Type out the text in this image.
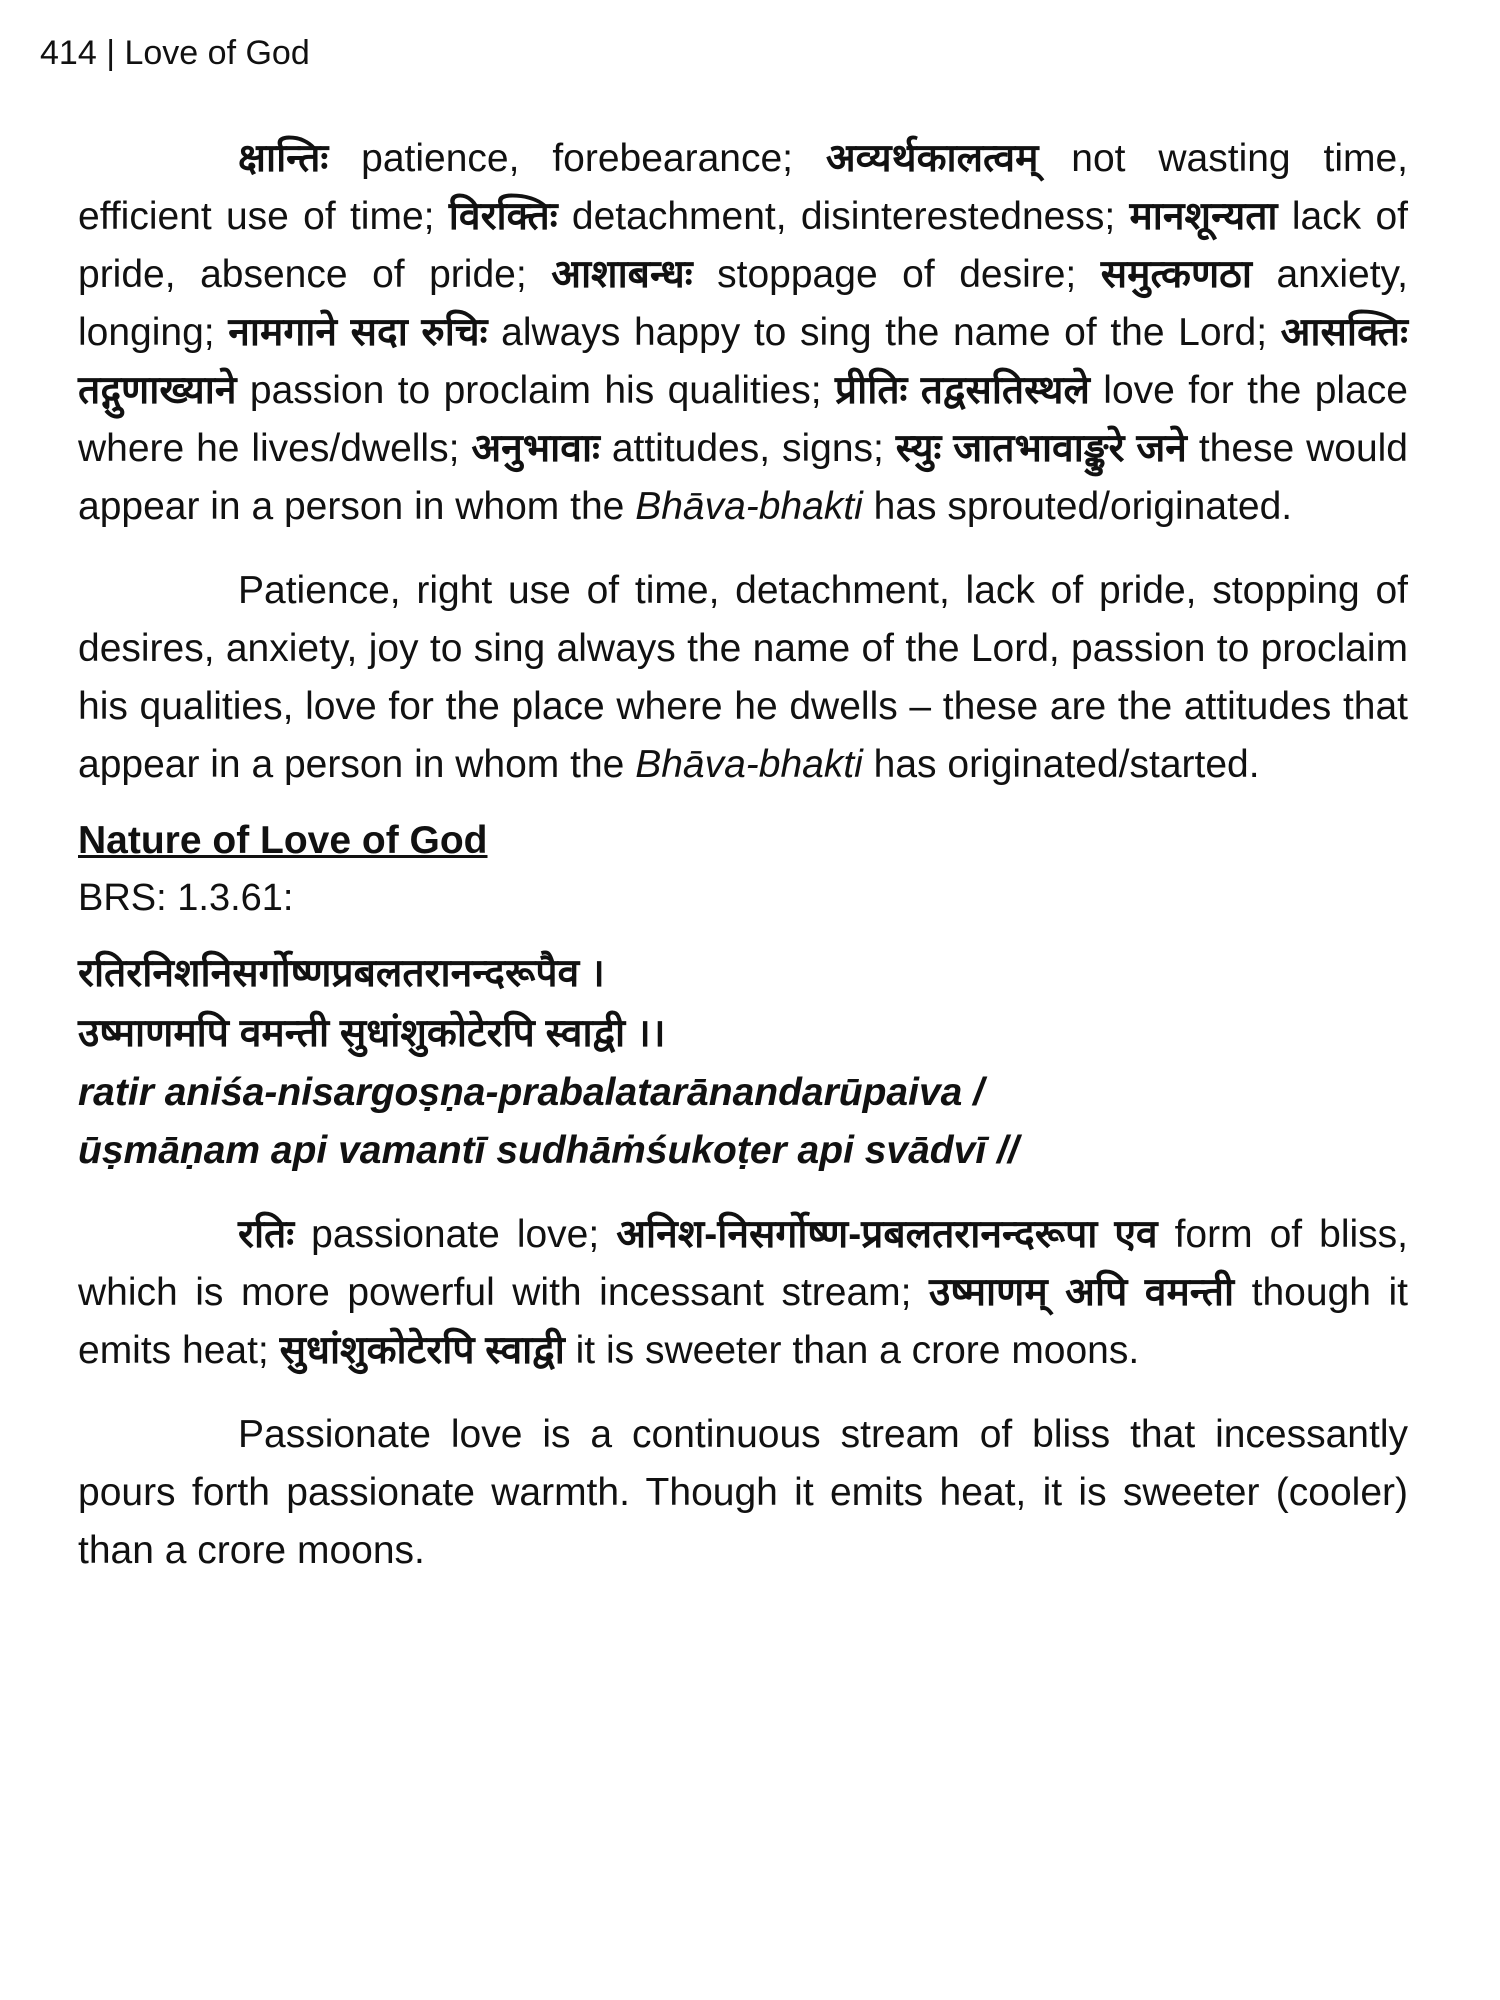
414 | Love of God

क्षान्तिः patience, forebearance; अव्यर्थकालत्वम् not wasting time, efficient use of time; विरक्तिः detachment, disinterestedness; मानशून्यता lack of pride, absence of pride; आशाबन्धः stoppage of desire; समुत्कणठा anxiety, longing; नामगाने सदा रुचिः always happy to sing the name of the Lord; आसक्तिः तद्गुणाख्याने passion to proclaim his qualities; प्रीतिः तद्वसतिस्थले love for the place where he lives/dwells; अनुभावाः attitudes, signs; स्युः जातभावाङ्कुरे जने these would appear in a person in whom the Bhāva-bhakti has sprouted/originated.

Patience, right use of time, detachment, lack of pride, stopping of desires, anxiety, joy to sing always the name of the Lord, passion to proclaim his qualities, love for the place where he dwells – these are the attitudes that appear in a person in whom the Bhāva-bhakti has originated/started.

Nature of Love of God
BRS: 1.3.61:
रतिरनिशनिसर्गोष्णप्रबलतरानन्दरूपैव ।
उष्माणमपि वमन्ती सुधांशुकोटेरपि स्वाद्वी ।।
ratir aniśa-nisargoṣṇa-prabalatarānandarūpaiva /
ūṣmāṇam api vamantī sudhāṁśukoṭer api svādvī //

रतिः passionate love; अनिश-निसर्गोष्ण-प्रबलतरानन्दरूपा एव form of bliss, which is more powerful with incessant stream; उष्माणम् अपि वमन्ती though it emits heat; सुधांशुकोटेरपि स्वाद्वी it is sweeter than a crore moons.

Passionate love is a continuous stream of bliss that incessantly pours forth passionate warmth. Though it emits heat, it is sweeter (cooler) than a crore moons.
